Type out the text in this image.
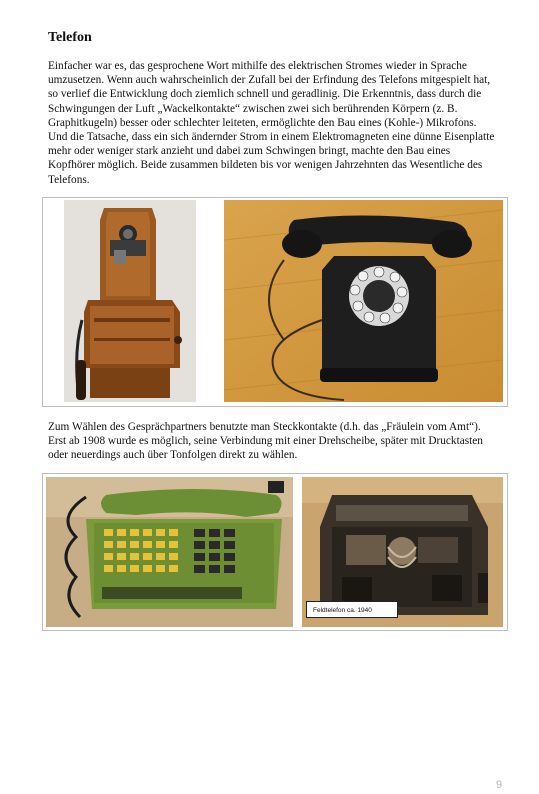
Telefon

Einfacher war es, das gesprochene Wort mithilfe des elektrischen Stromes wieder in Sprache umzusetzen. Wenn auch wahrscheinlich der Zufall bei der Erfindung des Telefons mitgespielt hat, so verlief die Entwicklung doch ziemlich schnell und geradlinig. Die Erkenntnis, dass durch die Schwingungen der Luft „Wackelkontakte“ zwischen zwei sich berührenden Körpern (z. B. Graphitkugeln) besser oder schlechter leiteten, ermöglichte den Bau eines (Kohle-) Mikrofons. Und die Tatsache, dass ein sich ändernder Strom in einem Elektromagneten eine dünne Eisenplatte mehr oder weniger stark anzieht und dabei zum Schwingen bringt, machte den Bau eines Kopfhörer möglich. Beide zusammen bildeten bis vor wenigen Jahrzehnten das Wesentliche des Telefons.

Zum Wählen des Gesprächpartners benutzte man Steckkontakte (d.h. das „Fräulein vom Amt“). Erst ab 1908 wurde es möglich, seine Verbindung mit einer Drehscheibe, später mit Drucktasten oder neuerdings auch über Tonfolgen direkt zu wählen.

Feldtelefon ca. 1940
25.12.2007
9
